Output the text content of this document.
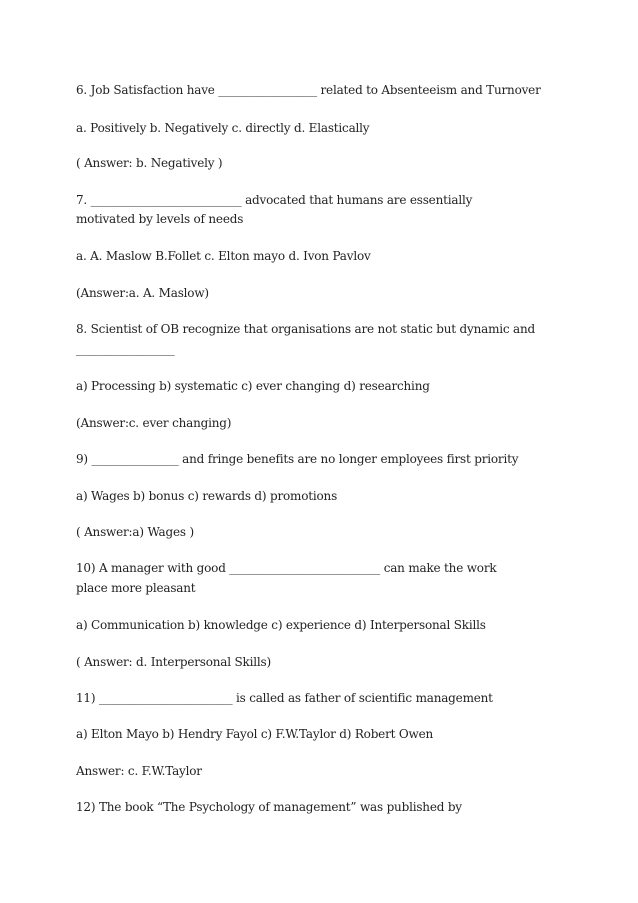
6. Job Satisfaction have _________________ related to Absenteeism and Turnover
a. Positively b. Negatively c. directly d. Elastically
( Answer: b. Negatively )
7. __________________________ advocated that humans are essentially
motivated by levels of needs
a. A. Maslow B.Follet c. Elton mayo d. Ivon Pavlov
(Answer:a. A. Maslow)
8. Scientist of OB recognize that organisations are not static but dynamic and
_________________
a) Processing b) systematic c) ever changing d) researching
(Answer:c. ever changing)
9) _______________ and fringe benefits are no longer employees first priority
a) Wages b) bonus c) rewards d) promotions
( Answer:a) Wages )
10) A manager with good __________________________ can make the work
place more pleasant
a) Communication b) knowledge c) experience d) Interpersonal Skills
( Answer: d. Interpersonal Skills)
11) _______________________ is called as father of scientific management
a) Elton Mayo b) Hendry Fayol c) F.W.Taylor d) Robert Owen
Answer: c. F.W.Taylor
12) The book “The Psychology of management” was published by
